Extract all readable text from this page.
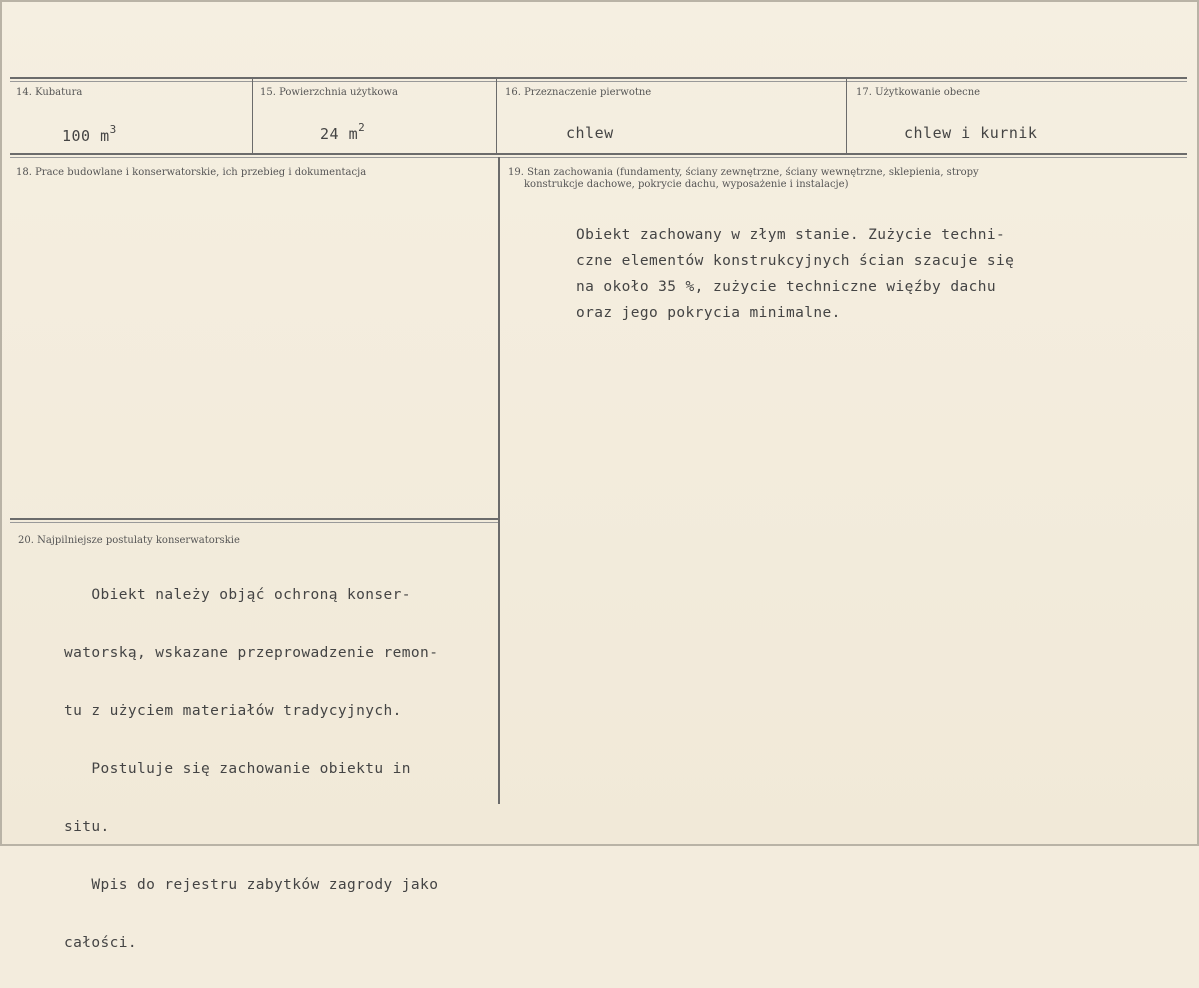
14. Kubatura
100 $m^3$
15. Powierzchnia użytkowa
24 $m^2$
16. Przeznaczenie pierwotne
chlew
17. Użytkowanie obecne
chlew i kurnik
18. Prace budowlane i konserwatorskie, ich przebieg i dokumentacja	19. Stan zachowania (fundamenty, ściany zewnętrzne, ściany wewnętrzne, sklepienia, stropy
konstrukcje dachowe, pokrycie dachu, wyposażenie i instalacje)
Obiekt zachowany w złym stanie. Zużycie techni-
czne elementów konstrukcyjnych ścian szacuje się
na około 35 %, zużycie techniczne więźby dachu
oraz jego pokrycia minimalne.
20. Najpilniejsze postulaty konserwatorskie

Obiekt należy objąć ochroną konser-

watorską, wskazane przeprowadzenie remon-

tu z użyciem materiałów tradycyjnych.

Postuluje się zachowanie obiektu in

situ.

Wpis do rejestru zabytków zagrody jako

całości.
